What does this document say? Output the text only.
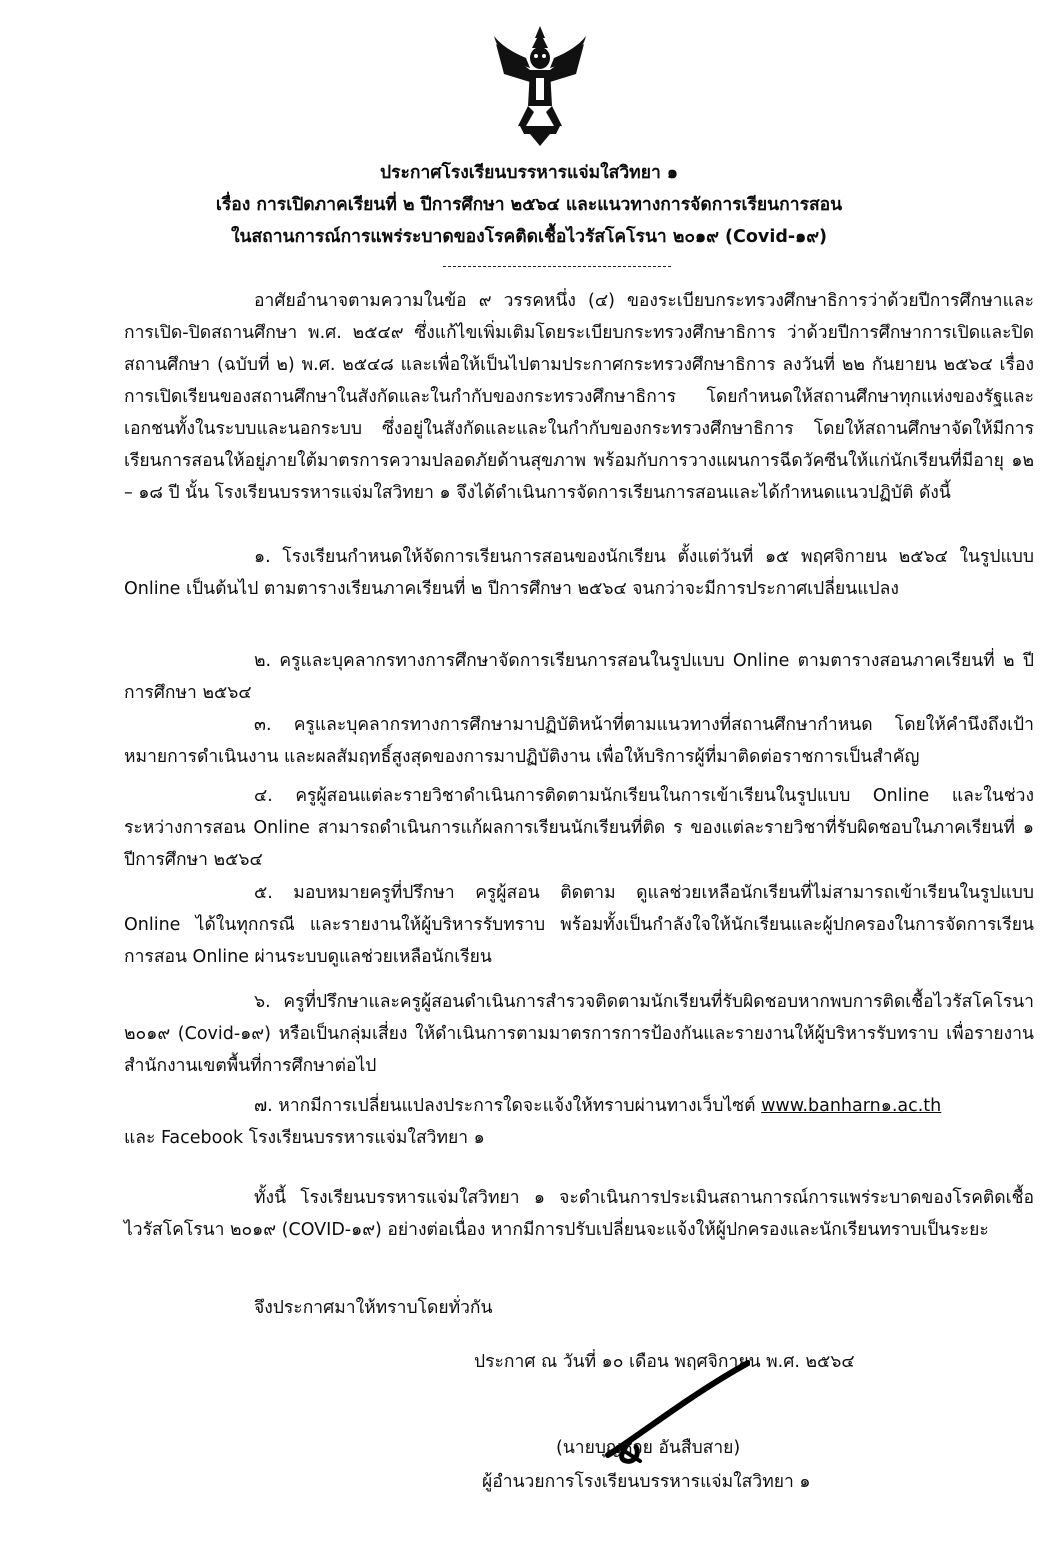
ประกาศโรงเรียนบรรหารแจ่มใสวิทยา ๑
เรื่อง การเปิดภาคเรียนที่ ๒ ปีการศึกษา ๒๕๖๔ และแนวทางการจัดการเรียนการสอน
ในสถานการณ์การแพร่ระบาดของโรคติดเชื้อไวรัสโคโรนา ๒๐๑๙ (Covid-๑๙)

อาศัยอำนาจตามความในข้อ ๙ วรรคหนึ่ง (๔) ของระเบียบกระทรวงศึกษาธิการว่าด้วยปีการศึกษาและการเปิด-ปิดสถานศึกษา พ.ศ. ๒๕๔๙ ซึ่งแก้ไขเพิ่มเติมโดยระเบียบกระทรวงศึกษาธิการ ว่าด้วยปีการศึกษาการเปิดและปิดสถานศึกษา (ฉบับที่ ๒) พ.ศ. ๒๕๔๘ และเพื่อให้เป็นไปตามประกาศกระทรวงศึกษาธิการ ลงวันที่ ๒๒ กันยายน ๒๕๖๔ เรื่องการเปิดเรียนของสถานศึกษาในสังกัดและในกำกับของกระทรวงศึกษาธิการ โดยกำหนดให้สถานศึกษาทุกแห่งของรัฐและเอกชนทั้งในระบบและนอกระบบ ซึ่งอยู่ในสังกัดและและในกำกับของกระทรวงศึกษาธิการ โดยให้สถานศึกษาจัดให้มีการเรียนการสอนให้อยู่ภายใต้มาตรการความปลอดภัยด้านสุขภาพ พร้อมกับการวางแผนการฉีดวัคซีนให้แก่นักเรียนที่มีอายุ ๑๒ – ๑๘ ปี นั้น โรงเรียนบรรหารแจ่มใสวิทยา ๑ จึงได้ดำเนินการจัดการเรียนการสอนและได้กำหนดแนวปฏิบัติ ดังนี้

๑. โรงเรียนกำหนดให้จัดการเรียนการสอนของนักเรียน ตั้งแต่วันที่ ๑๕ พฤศจิกายน ๒๕๖๔ ในรูปแบบ Online เป็นต้นไป ตามตารางเรียนภาคเรียนที่ ๒ ปีการศึกษา ๒๕๖๔ จนกว่าจะมีการประกาศเปลี่ยนแปลง

๒. ครูและบุคลากรทางการศึกษาจัดการเรียนการสอนในรูปแบบ Online ตามตารางสอนภาคเรียนที่ ๒ ปีการศึกษา ๒๕๖๔

๓. ครูและบุคลากรทางการศึกษามาปฏิบัติหน้าที่ตามแนวทางที่สถานศึกษากำหนด โดยให้คำนึงถึงเป้าหมายการดำเนินงาน และผลสัมฤทธิ์สูงสุดของการมาปฏิบัติงาน เพื่อให้บริการผู้ที่มาติดต่อราชการเป็นสำคัญ

๔. ครูผู้สอนแต่ละรายวิชาดำเนินการติดตามนักเรียนในการเข้าเรียนในรูปแบบ Online และในช่วงระหว่างการสอน Online สามารถดำเนินการแก้ผลการเรียนนักเรียนที่ติด ร ของแต่ละรายวิชาที่รับผิดชอบในภาคเรียนที่ ๑ ปีการศึกษา ๒๕๖๔

๕. มอบหมายครูที่ปรึกษา ครูผู้สอน ติดตาม ดูแลช่วยเหลือนักเรียนที่ไม่สามารถเข้าเรียนในรูปแบบ Online ได้ในทุกกรณี และรายงานให้ผู้บริหารรับทราบ พร้อมทั้งเป็นกำลังใจให้นักเรียนและผู้ปกครองในการจัดการเรียนการสอน Online ผ่านระบบดูแลช่วยเหลือนักเรียน

๖. ครูที่ปรึกษาและครูผู้สอนดำเนินการสำรวจติดตามนักเรียนที่รับผิดชอบหากพบการติดเชื้อไวรัสโคโรนา ๒๐๑๙ (Covid-๑๙) หรือเป็นกลุ่มเสี่ยง ให้ดำเนินการตามมาตรการการป้องกันและรายงานให้ผู้บริหารรับทราบ เพื่อรายงานสำนักงานเขตพื้นที่การศึกษาต่อไป

๗. หากมีการเปลี่ยนแปลงประการใดจะแจ้งให้ทราบผ่านทางเว็บไซต์ www.banharn๑.ac.th

และ Facebook โรงเรียนบรรหารแจ่มใสวิทยา ๑

ทั้งนี้ โรงเรียนบรรหารแจ่มใสวิทยา ๑ จะดำเนินการประเมินสถานการณ์การแพร่ระบาดของโรคติดเชื้อไวรัสโคโรนา ๒๐๑๙ (COVID-๑๙) อย่างต่อเนื่อง หากมีการปรับเปลี่ยนจะแจ้งให้ผู้ปกครองและนักเรียนทราบเป็นระยะ

จึงประกาศมาให้ทราบโดยทั่วกัน
ประกาศ ณ วันที่ ๑๐ เดือน พฤศจิกายน พ.ศ. ๒๕๖๔
(นายบุญช่วย อันสืบสาย)
ผู้อำนวยการโรงเรียนบรรหารแจ่มใสวิทยา ๑
